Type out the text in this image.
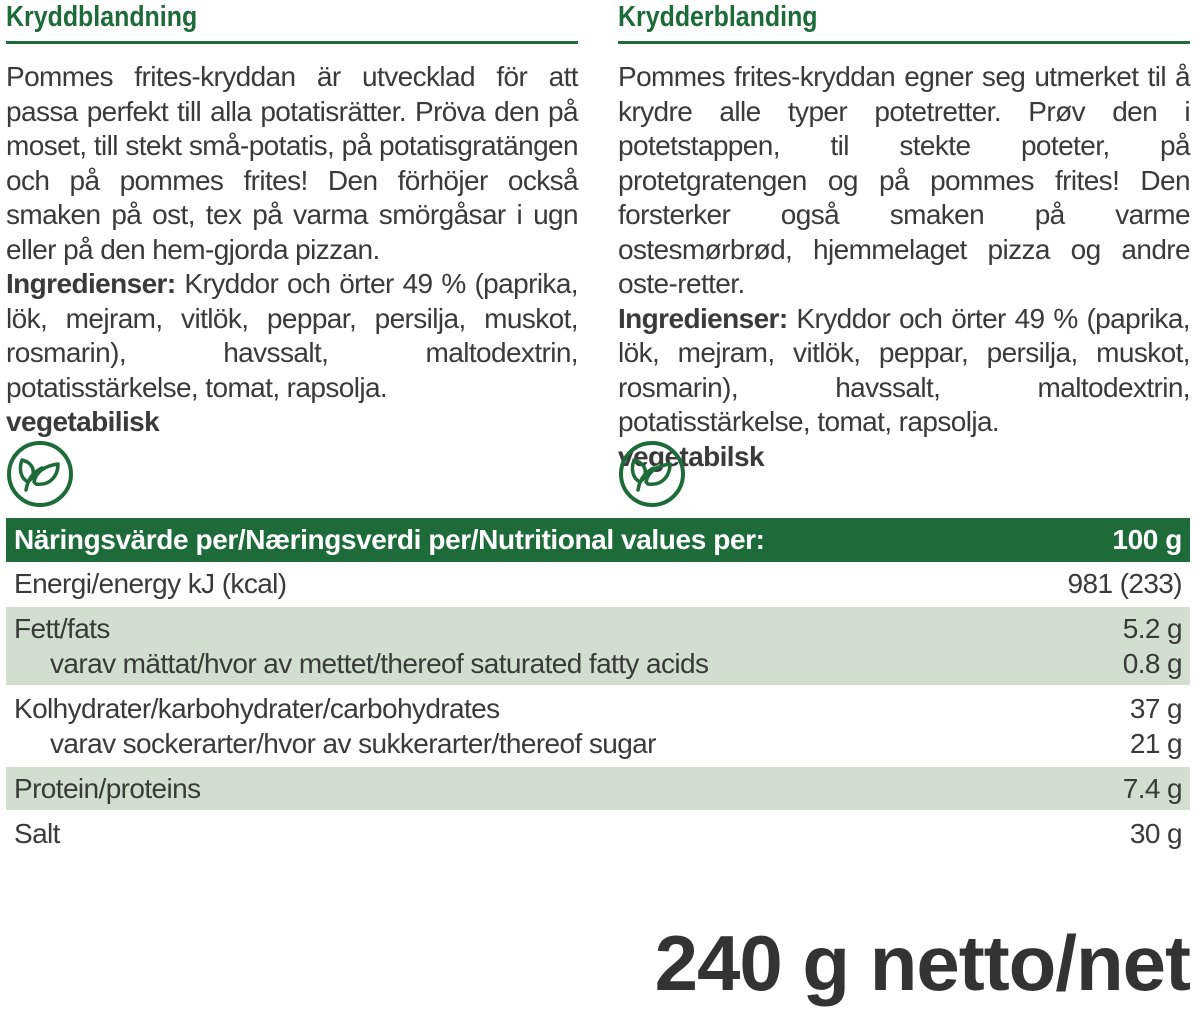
Kryddblandning

Pommes frites-kryddan är utvecklad för att passa perfekt till alla potatisrätter. Pröva den på moset, till stekt små-potatis, på potatisgratängen och på pommes frites! Den förhöjer också smaken på ost, tex på varma smörgåsar i ugn eller på den hem-gjorda pizzan.

Ingredienser: Kryddor och örter 49 % (paprika, lök, mejram, vitlök, peppar, persilja, muskot, rosmarin), havssalt, maltodextrin, potatisstärkelse, tomat, rapsolja.

vegetabilisk

Krydderblanding

Pommes frites-kryddan egner seg utmerket til å krydre alle typer potetretter. Prøv den i potetstappen, til stekte poteter, på protetgratengen og på pommes frites! Den forsterker også smaken på varme ostesmørbrød, hjemmelaget pizza og andre oste-retter.

Ingredienser: Kryddor och örter 49 % (paprika, lök, mejram, vitlök, peppar, persilja, muskot, rosmarin), havssalt, maltodextrin, potatisstärkelse, tomat, rapsolja.

vegetabilsk

Näringsvärde per/Næringsverdi per/Nutritional values per:	100 g
Energi/energy kJ (kcal)	981 (233)
Fett/fats	5.2 g
varav mättat/hvor av mettet/thereof saturated fatty acids	0.8 g
Kolhydrater/karbohydrater/carbohydrates	37 g
varav sockerarter/hvor av sukkerarter/thereof sugar	21 g
Protein/proteins	7.4 g
Salt	30 g
240 g netto/net
